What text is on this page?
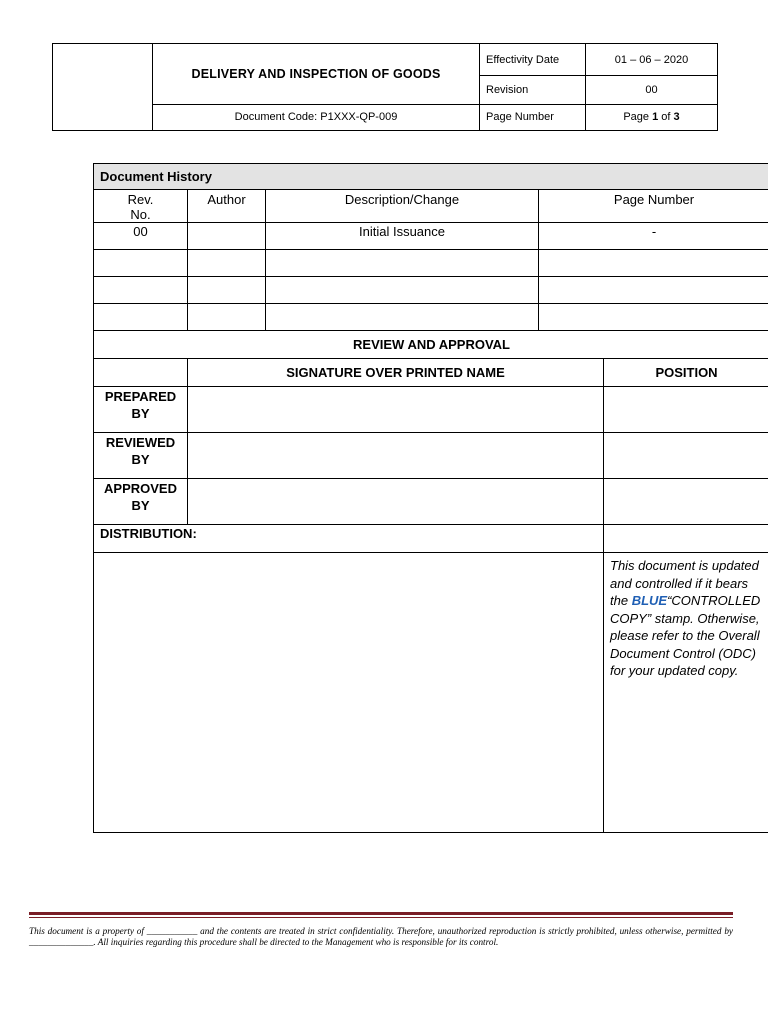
	DELIVERY AND INSPECTION OF GOODS	Effectivity Date	01 – 06 – 2020
		Revision	00
	Document Code: P1XXX-QP-009	Page Number	Page 1 of 3
Document History				
Rev.
No.	Author	Description/Change	Page Number	
00		Initial Issuance	-	

REVIEW AND APPROVAL				
	SIGNATURE OVER PRINTED NAME			POSITION
PREPARED
BY				
REVIEWED
BY				
APPROVED
BY				
DISTRIBUTION:				
				This document is updated and controlled if it bears the BLUE“CONTROLLED COPY” stamp. Otherwise, please refer to the Overall Document Control (ODC) for your updated copy.
This document is a property of ___________ and the contents are treated in strict confidentiality. Therefore, unauthorized reproduction is strictly prohibited, unless otherwise, permitted by ______________. All inquiries regarding this procedure shall be directed to the Management who is responsible for its control.
